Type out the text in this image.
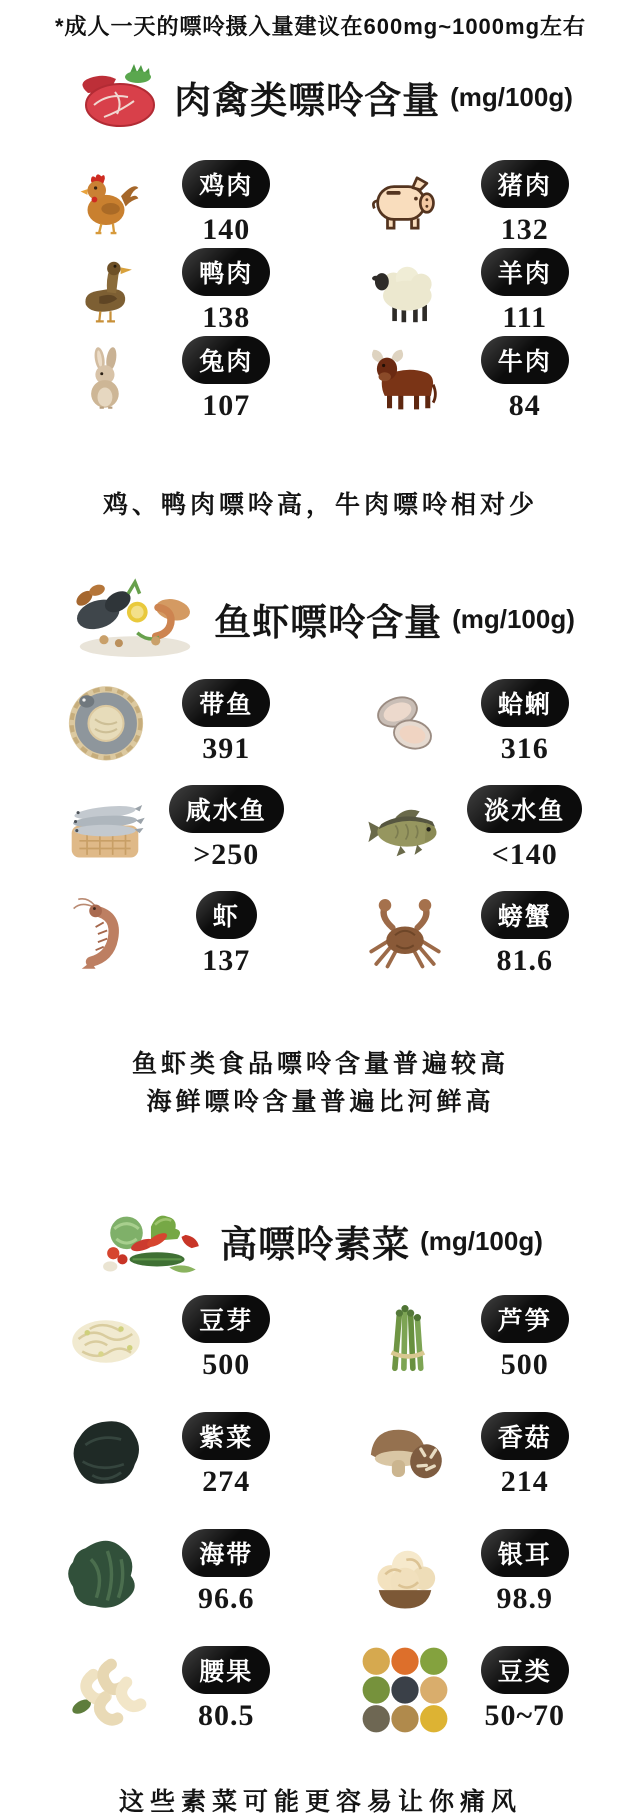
*成人一天的嘌呤摄入量建议在600mg~1000mg左右
肉禽类嘌呤含量 (mg/100g)
鸡肉
140
猪肉
132
鸭肉
138
羊肉
111
兔肉
107
牛肉
84
鸡、鸭肉嘌呤高，牛肉嘌呤相对少
鱼虾嘌呤含量 (mg/100g)
带鱼
391
蛤蜊
316
咸水鱼
>250
淡水鱼
<140
虾
137
螃蟹
81.6
鱼虾类食品嘌呤含量普遍较高
海鲜嘌呤含量普遍比河鲜高
高嘌呤素菜 (mg/100g)
豆芽
500
芦笋
500
紫菜
274
香菇
214
海带
96.6
银耳
98.9
腰果
80.5
豆类
50~70
这些素菜可能更容易让你痛风
